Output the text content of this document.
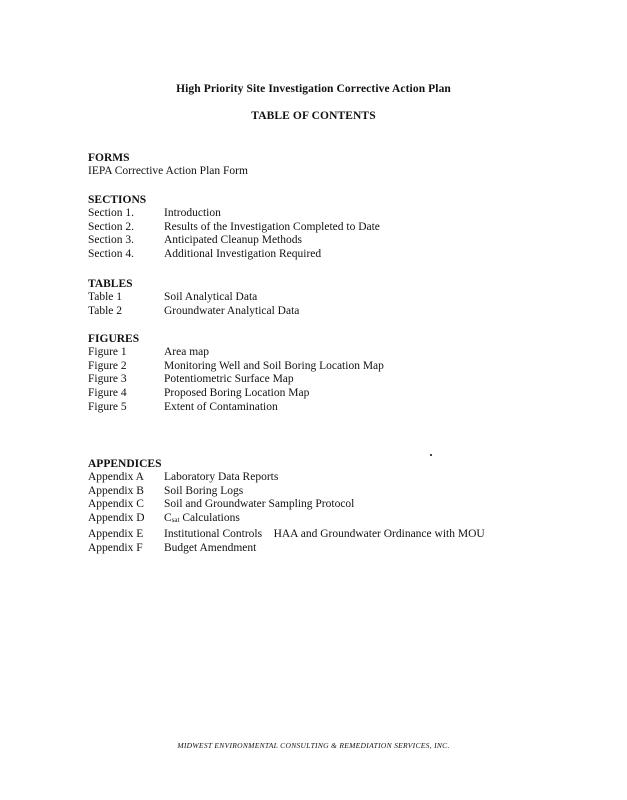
High Priority Site Investigation Corrective Action Plan
TABLE OF CONTENTS
FORMS
IEPA Corrective Action Plan Form
SECTIONS
Section 1.	Introduction
Section 2.	Results of the Investigation Completed to Date
Section 3.	Anticipated Cleanup Methods
Section 4.	Additional Investigation Required
TABLES
Table 1	Soil Analytical Data
Table 2	Groundwater Analytical Data
FIGURES
Figure 1	Area map
Figure 2	Monitoring Well and Soil Boring Location Map
Figure 3	Potentiometric Surface Map
Figure 4	Proposed Boring Location Map
Figure 5	Extent of Contamination
APPENDICES
Appendix A	Laboratory Data Reports
Appendix B	Soil Boring Logs
Appendix C	Soil and Groundwater Sampling Protocol
Appendix D	$C_{sat}$ Calculations
Appendix E	Institutional Controls    HAA and Groundwater Ordinance with MOU
Appendix F	Budget Amendment
MIDWEST ENVIRONMENTAL CONSULTING & REMEDIATION SERVICES, INC.
